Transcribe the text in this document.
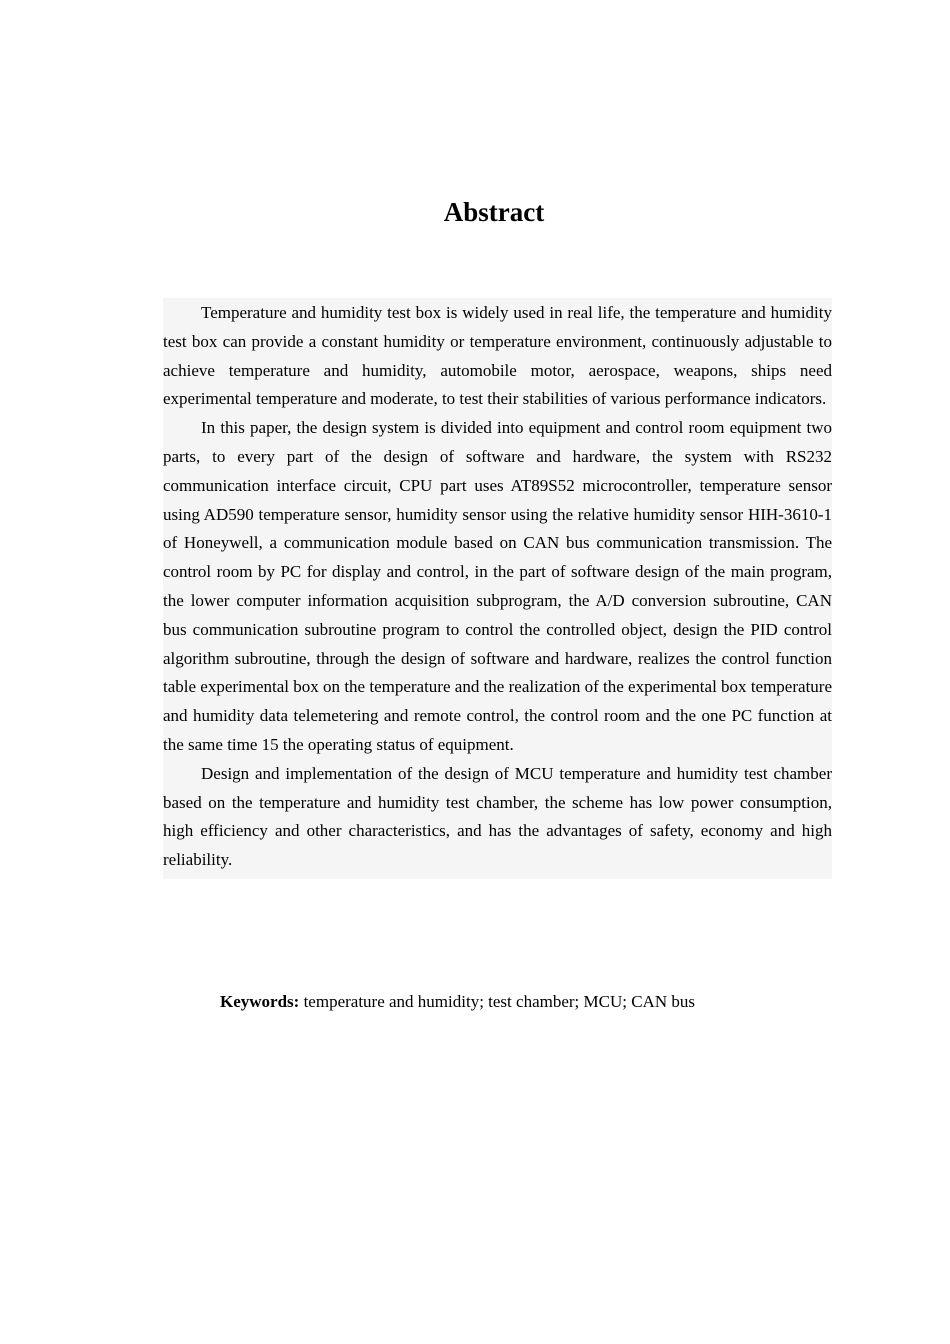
Abstract

Temperature and humidity test box is widely used in real life, the temperature and humidity test box can provide a constant humidity or temperature environment, continuously adjustable to achieve temperature and humidity, automobile motor, aerospace, weapons, ships need experimental temperature and moderate, to test their stabilities of various performance indicators.

In this paper, the design system is divided into equipment and control room equipment two parts, to every part of the design of software and hardware, the system with RS232 communication interface circuit, CPU part uses AT89S52 microcontroller, temperature sensor using AD590 temperature sensor, humidity sensor using the relative humidity sensor HIH-3610-1 of Honeywell, a communication module based on CAN bus communication transmission. The control room by PC for display and control, in the part of software design of the main program, the lower computer information acquisition subprogram, the A/D conversion subroutine, CAN bus communication subroutine program to control the controlled object, design the PID control algorithm subroutine, through the design of software and hardware, realizes the control function table experimental box on the temperature and the realization of the experimental box temperature and humidity data telemetering and remote control, the control room and the one PC function at the same time 15 the operating status of equipment.

Design and implementation of the design of MCU temperature and humidity test chamber based on the temperature and humidity test chamber, the scheme has low power consumption, high efficiency and other characteristics, and has the advantages of safety, economy and high reliability.

Keywords: temperature and humidity; test chamber; MCU; CAN bus
